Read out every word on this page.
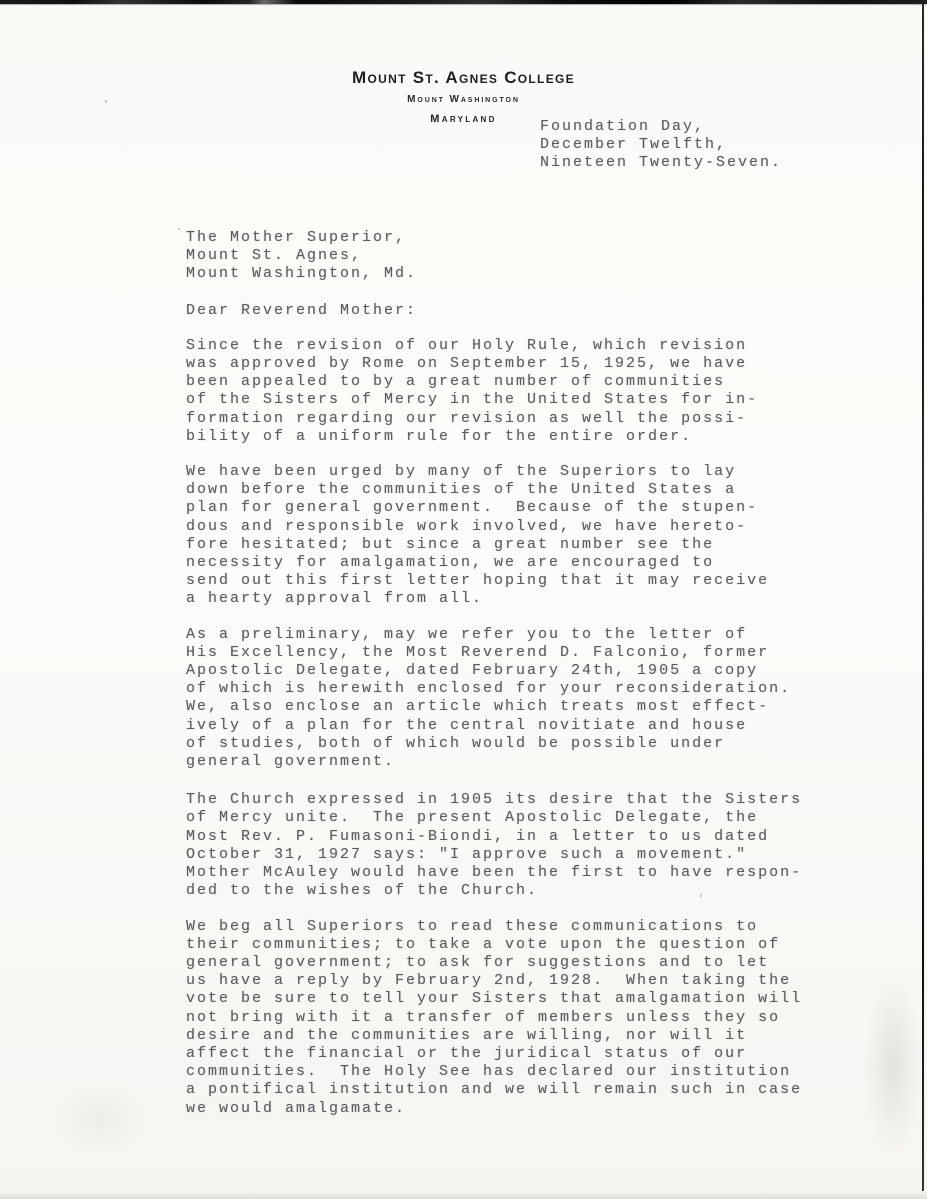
Mount St. Agnes College
Mount Washington
Maryland	Foundation Day,
December Twelfth,
Nineteen Twenty-Seven.
The Mother Superior,
Mount St. Agnes,
Mount Washington, Md.
Dear Reverend Mother:
Since the revision of our Holy Rule, which revision
was approved by Rome on September 15, 1925, we have
been appealed to by a great number of communities
of the Sisters of Mercy in the United States for in-
formation regarding our revision as well the possi-
bility of a uniform rule for the entire order.
We have been urged by many of the Superiors to lay
down before the communities of the United States a
plan for general government.  Because of the stupen-
dous and responsible work involved, we have hereto-
fore hesitated; but since a great number see the
necessity for amalgamation, we are encouraged to
send out this first letter hoping that it may receive
a hearty approval from all.
As a preliminary, may we refer you to the letter of
His Excellency, the Most Reverend D. Falconio, former
Apostolic Delegate, dated February 24th, 1905 a copy
of which is herewith enclosed for your reconsideration.
We, also enclose an article which treats most effect-
ively of a plan for the central novitiate and house
of studies, both of which would be possible under
general government.
The Church expressed in 1905 its desire that the Sisters
of Mercy unite.  The present Apostolic Delegate, the
Most Rev. P. Fumasoni-Biondi, in a letter to us dated
October 31, 1927 says: "I approve such a movement."
Mother McAuley would have been the first to have respon-
ded to the wishes of the Church.
We beg all Superiors to read these communications to
their communities; to take a vote upon the question of
general government; to ask for suggestions and to let
us have a reply by February 2nd, 1928.  When taking the
vote be sure to tell your Sisters that amalgamation will
not bring with it a transfer of members unless they so
desire and the communities are willing, nor will it
affect the financial or the juridical status of our
communities.  The Holy See has declared our institution
a pontifical institution and we will remain such in case
we would amalgamate.
